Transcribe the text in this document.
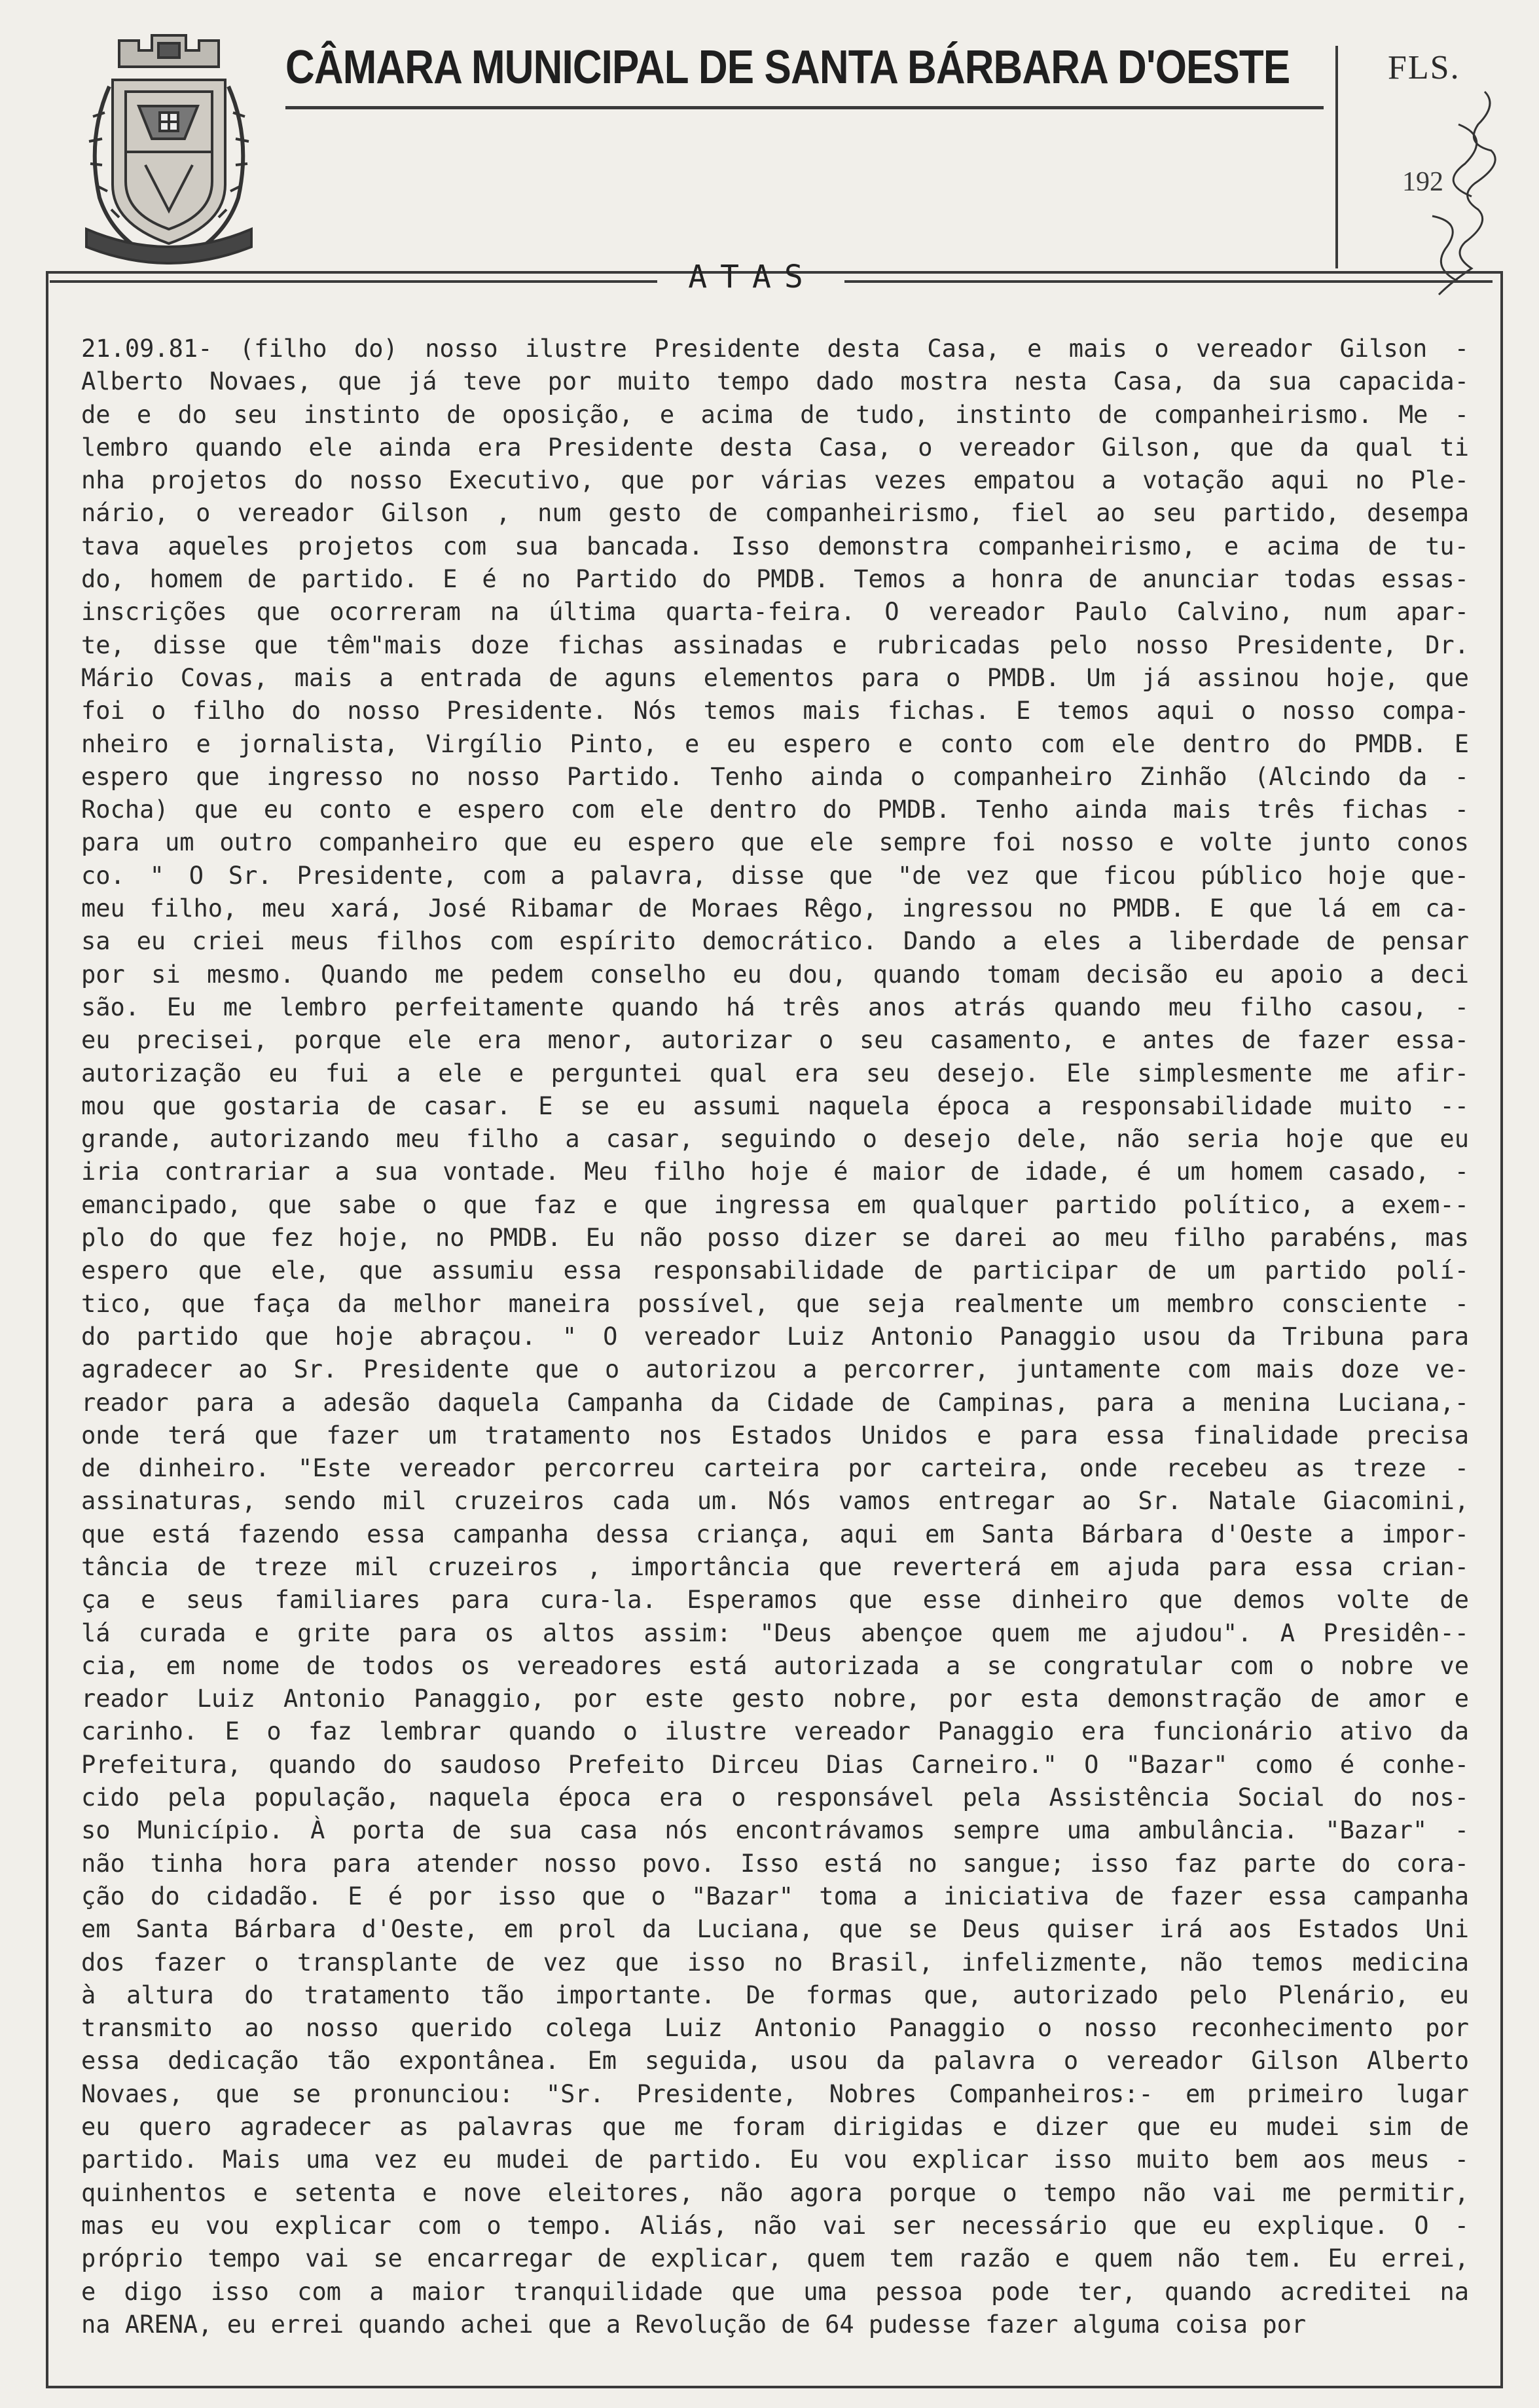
CÂMARA MUNICIPAL DE SANTA BÁRBARA D'OESTE	FLS.
192
ATAS
21.09.81- (filho do) nosso ilustre Presidente desta Casa, e mais o vereador Gilson -
Alberto Novaes, que já teve por muito tempo dado mostra nesta Casa, da sua capacida-
de e do seu instinto de oposição, e acima de tudo, instinto de companheirismo. Me -
lembro quando ele ainda era Presidente desta Casa, o vereador Gilson, que da qual ti
nha projetos do nosso Executivo, que por várias vezes empatou a votação aqui no Ple-
nário, o vereador Gilson , num gesto de companheirismo, fiel ao seu partido, desempa
tava aqueles projetos com sua bancada. Isso demonstra companheirismo, e acima de tu-
do, homem de partido. E é no Partido do PMDB. Temos a honra de anunciar todas essas-
inscrições que ocorreram na última quarta-feira. O vereador Paulo Calvino, num apar-
te, disse que têm"mais doze fichas assinadas e rubricadas pelo nosso Presidente, Dr.
Mário Covas, mais a entrada de aguns elementos para o PMDB. Um já assinou hoje, que
foi o filho do nosso Presidente. Nós temos mais fichas. E temos aqui o nosso compa-
nheiro e jornalista, Virgílio Pinto, e eu espero e conto com ele dentro do PMDB. E
espero que ingresso no nosso Partido. Tenho ainda o companheiro Zinhão (Alcindo da -
Rocha) que eu conto e espero com ele dentro do PMDB. Tenho ainda mais três fichas -
para um outro companheiro que eu espero que ele sempre foi nosso e volte junto conos
co. " O Sr. Presidente, com a palavra, disse que "de vez que ficou público hoje que-
meu filho, meu xará, José Ribamar de Moraes Rêgo, ingressou no PMDB. E que lá em ca-
sa eu criei meus filhos com espírito democrático. Dando a eles a liberdade de pensar
por si mesmo. Quando me pedem conselho eu dou, quando tomam decisão eu apoio a deci
são. Eu me lembro perfeitamente quando há três anos atrás quando meu filho casou, -
eu precisei, porque ele era menor, autorizar o seu casamento, e antes de fazer essa-
autorização eu fui a ele e perguntei qual era seu desejo. Ele simplesmente me afir-
mou que gostaria de casar. E se eu assumi naquela época a responsabilidade muito --
grande, autorizando meu filho a casar, seguindo o desejo dele, não seria hoje que eu
iria contrariar a sua vontade. Meu filho hoje é maior de idade, é um homem casado, -
emancipado, que sabe o que faz e que ingressa em qualquer partido político, a exem--
plo do que fez hoje, no PMDB. Eu não posso dizer se darei ao meu filho parabéns, mas
espero que ele, que assumiu essa responsabilidade de participar de um partido polí-
tico, que faça da melhor maneira possível, que seja realmente um membro consciente -
do partido que hoje abraçou. " O vereador Luiz Antonio Panaggio usou da Tribuna para
agradecer ao Sr. Presidente que o autorizou a percorrer, juntamente com mais doze ve-
reador para a adesão daquela Campanha da Cidade de Campinas, para a menina Luciana,-
onde terá que fazer um tratamento nos Estados Unidos e para essa finalidade precisa
de dinheiro. "Este vereador percorreu carteira por carteira, onde recebeu as treze -
assinaturas, sendo mil cruzeiros cada um. Nós vamos entregar ao Sr. Natale Giacomini,
que está fazendo essa campanha dessa criança, aqui em Santa Bárbara d'Oeste a impor-
tância de treze mil cruzeiros , importância que reverterá em ajuda para essa crian-
ça e seus familiares para cura-la. Esperamos que esse dinheiro que demos volte de
lá curada e grite para os altos assim: "Deus abençoe quem me ajudou". A Presidên--
cia, em nome de todos os vereadores está autorizada a se congratular com o nobre ve
reador Luiz Antonio Panaggio, por este gesto nobre, por esta demonstração de amor e
carinho. E o faz lembrar quando o ilustre vereador Panaggio era funcionário ativo da
Prefeitura, quando do saudoso Prefeito Dirceu Dias Carneiro." O "Bazar" como é conhe-
cido pela população, naquela época era o responsável pela Assistência Social do nos-
so Município. À porta de sua casa nós encontrávamos sempre uma ambulância. "Bazar" -
não tinha hora para atender nosso povo. Isso está no sangue; isso faz parte do cora-
ção do cidadão. E é por isso que o "Bazar" toma a iniciativa de fazer essa campanha
em Santa Bárbara d'Oeste, em prol da Luciana, que se Deus quiser irá aos Estados Uni
dos fazer o transplante de vez que isso no Brasil, infelizmente, não temos medicina
à altura do tratamento tão importante. De formas que, autorizado pelo Plenário, eu
transmito ao nosso querido colega Luiz Antonio Panaggio o nosso reconhecimento por
essa dedicação tão expontânea. Em seguida, usou da palavra o vereador Gilson Alberto
Novaes, que se pronunciou: "Sr. Presidente, Nobres Companheiros:- em primeiro lugar
eu quero agradecer as palavras que me foram dirigidas e dizer que eu mudei sim de
partido. Mais uma vez eu mudei de partido. Eu vou explicar isso muito bem aos meus -
quinhentos e setenta e nove eleitores, não agora porque o tempo não vai me permitir,
mas eu vou explicar com o tempo. Aliás, não vai ser necessário que eu explique. O -
próprio tempo vai se encarregar de explicar, quem tem razão e quem não tem. Eu errei,
e digo isso com a maior tranquilidade que uma pessoa pode ter, quando acreditei na
na ARENA, eu errei quando achei que a Revolução de 64 pudesse fazer alguma coisa por
